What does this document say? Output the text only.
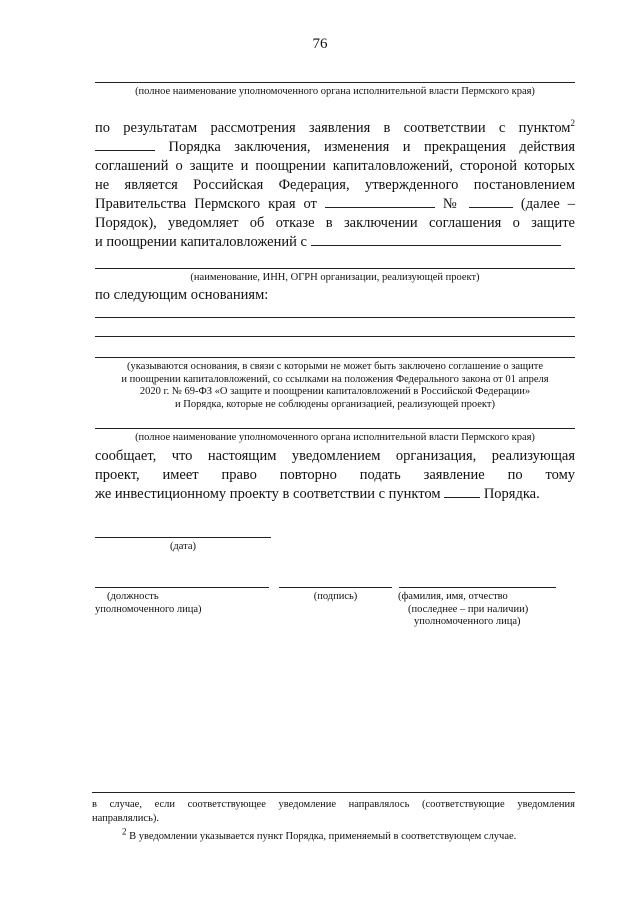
76
(полное наименование уполномоченного органа исполнительной власти Пермского края)
по результатам рассмотрения заявления в соответствии с пунктом$^2$
Порядка заключения, изменения и прекращения действия
соглашений о защите и поощрении капиталовложений, стороной которых
не является Российская Федерация, утвержденного постановлением
Правительства Пермского края от	№	(далее –
Порядок), уведомляет об отказе в заключении соглашения о защите
и поощрении капиталовложений с
(наименование, ИНН, ОГРН организации, реализующей проект)
по следующим основаниям:
(указываются основания, в связи с которыми не может быть заключено соглашение о защите
и поощрении капиталовложений, со ссылками на положения Федерального закона от 01 апреля
2020 г. № 69-ФЗ «О защите и поощрении капиталовложений в Российской Федерации»
и Порядка, которые не соблюдены организацией, реализующей проект)
(полное наименование уполномоченного органа исполнительной власти Пермского края)
сообщает, что настоящим уведомлением организация, реализующая
проект, имеет право повторно подать заявление по тому
же инвестиционному проекту в соответствии с пунктом	Порядка.
(дата)
(должность
уполномоченного лица)
(подпись)	(фамилия, имя, отчество
(последнее – при наличии)
уполномоченного лица)
в случае, если соответствующее уведомление направлялось (соответствующие уведомления
направлялись).
$^2$ В уведомлении указывается пункт Порядка, применяемый в соответствующем случае.
